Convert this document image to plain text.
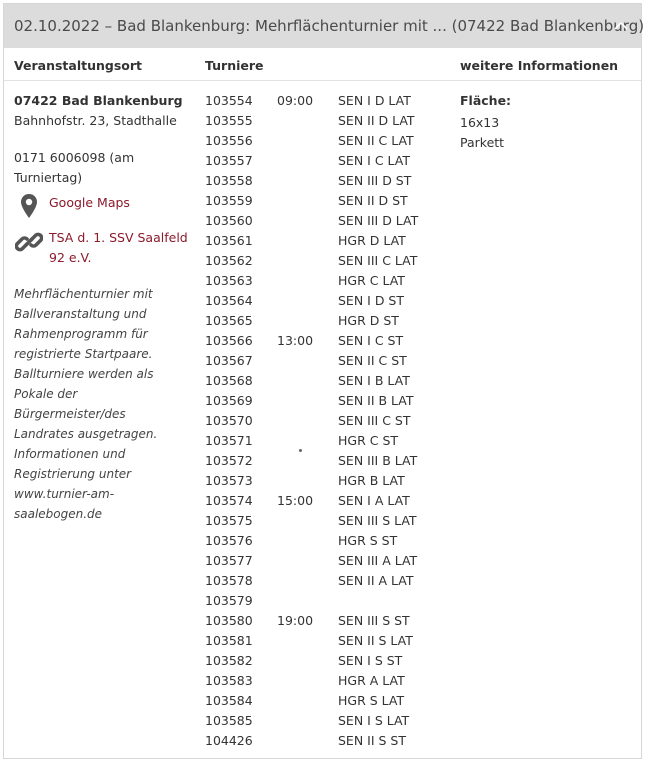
02.10.2022 – Bad Blankenburg: Mehrflächenturnier mit ... (07422 Bad Blankenburg)
Veranstaltungsort	Turniere	weitere Informationen
07422 Bad Blankenburg
Bahnhofstr. 23, Stadthalle
0171 6006098 (am Turniertag)
Google Maps
TSA d. 1. SSV Saalfeld 92 e.V.
Mehrflächenturnier mit Ballveranstaltung und Rahmenprogramm für registrierte Startpaare. Ballturniere werden als Pokale der Bürgermeister/des Landrates ausgetragen. Informationen und Registrierung unter www.turnier-am-saalebogen.de
103554 09:00 SEN I D LAT
103555	SEN II D LAT
103556	SEN II C LAT
103557	SEN I C LAT
103558	SEN III D ST
103559	SEN II D ST
103560	SEN III D LAT
103561	HGR D LAT
103562	SEN III C LAT
103563	HGR C LAT
103564	SEN I D ST
103565	HGR D ST
103566 13:00 SEN I C ST
103567	SEN II C ST
103568	SEN I B LAT
103569	SEN II B LAT
103570	SEN III C ST
103571	HGR C ST
103572	SEN III B LAT
103573	HGR B LAT
103574 15:00 SEN I A LAT
103575	SEN III S LAT
103576	HGR S ST
103577	SEN III A LAT
103578	SEN II A LAT
103579
103580 19:00 SEN III S ST
103581	SEN II S LAT
103582	SEN I S ST
103583	HGR A LAT
103584	HGR S LAT
103585	SEN I S LAT
104426	SEN II S ST
Fläche:
16x13 Parkett
